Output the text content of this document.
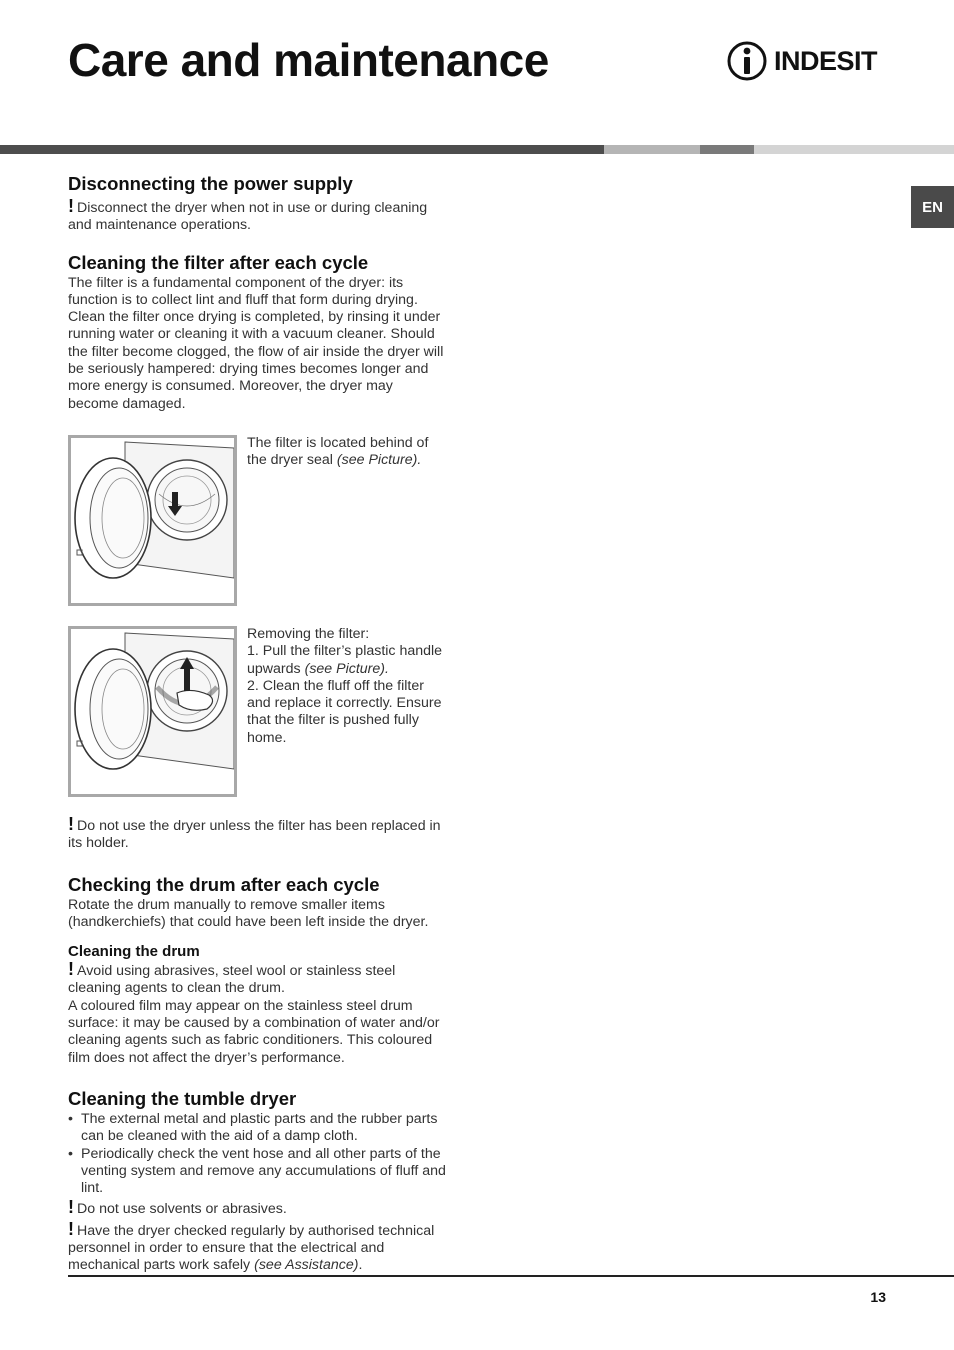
Care and maintenance	INDESIT
EN
Disconnecting the power supply

! Disconnect the dryer when not in use or during cleaning and maintenance operations.

Cleaning the filter after each cycle

The filter is a fundamental component of the dryer: its function is to collect lint and fluff that form during drying. Clean the filter once drying is completed, by rinsing it under running water or cleaning it with a vacuum cleaner. Should the filter become clogged, the flow of air inside the dryer will be seriously hampered: drying times becomes longer and more energy is consumed. Moreover, the dryer may become damaged.

The filter is located behind of the dryer seal (see Picture).

Removing the filter:

1. Pull the filter’s plastic handle upwards (see Picture).

2. Clean the fluff off the filter and replace it correctly. Ensure that the filter is pushed fully home.

! Do not use the dryer unless the filter has been replaced in its holder.

Checking the drum after each cycle

Rotate the drum manually to remove smaller items (handkerchiefs) that could have been left inside the dryer.

Cleaning the drum

! Avoid using abrasives, steel wool or stainless steel cleaning agents to clean the drum.

A coloured film may appear on the stainless steel drum surface: it may be caused by a combination of water and/or cleaning agents such as fabric conditioners. This coloured film does not affect the dryer’s performance.

Cleaning the tumble dryer
• The external metal and plastic parts and the rubber parts can be cleaned with the aid of a damp cloth.
• Periodically check the vent hose and all other parts of the venting system and remove any accumulations of fluff and lint.

! Do not use solvents or abrasives.

! Have the dryer checked regularly by authorised technical personnel in order to ensure that the electrical and mechanical parts work safely (see Assistance).

13
